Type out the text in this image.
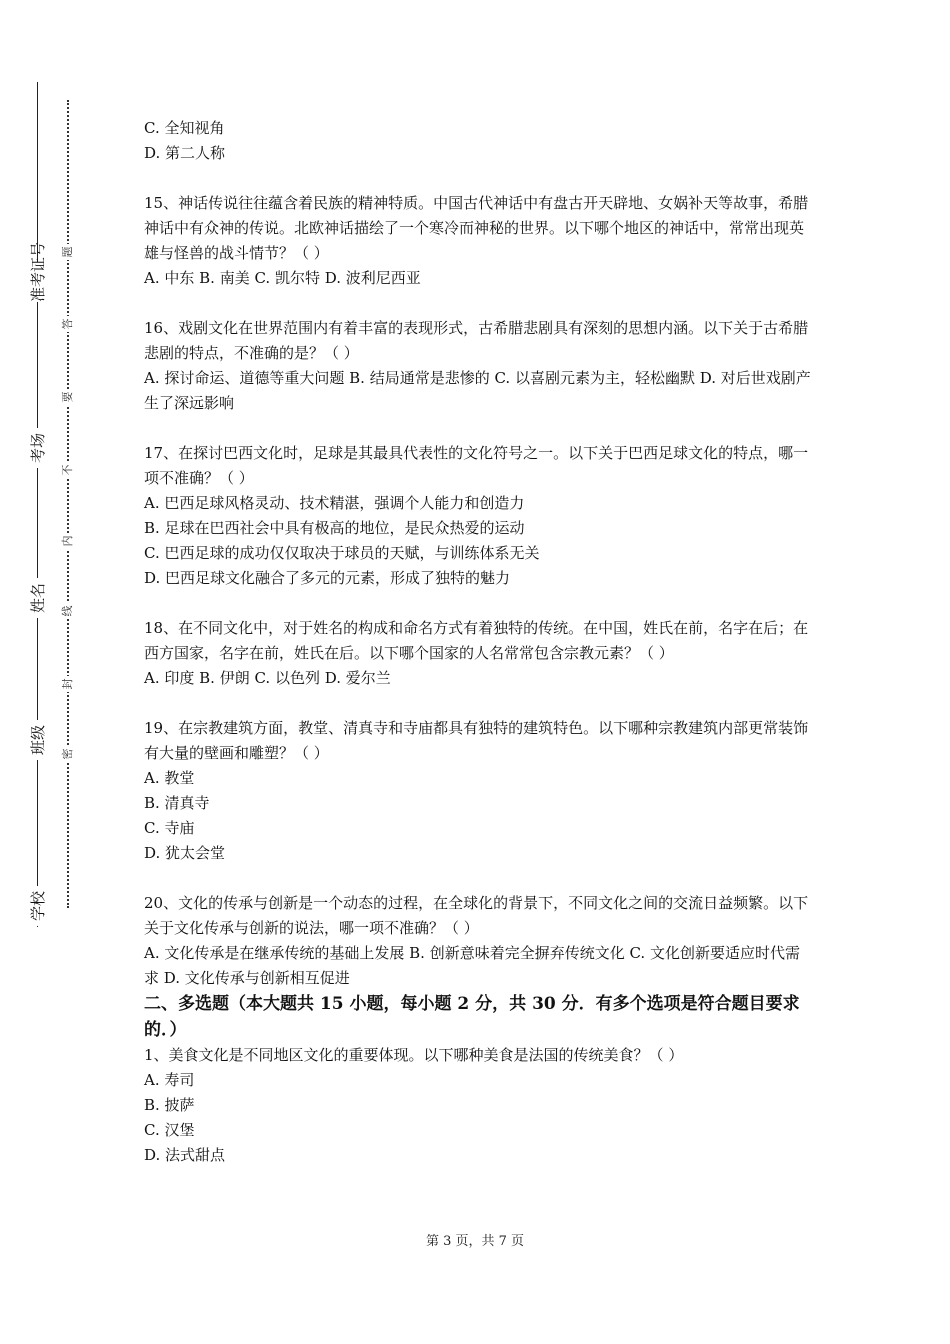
准考证号
考场
姓名
班级
学校
题
答
要
不
内
线
封
密

C. 全知视角

D. 第二人称

15、神话传说往往蕴含着民族的精神特质。中国古代神话中有盘古开天辟地、女娲补天等故事，希腊神话中有众神的传说。北欧神话描绘了一个寒冷而神秘的世界。以下哪个地区的神话中，常常出现英雄与怪兽的战斗情节？（ ）

A. 中东 B. 南美 C. 凯尔特 D. 波利尼西亚

16、戏剧文化在世界范围内有着丰富的表现形式，古希腊悲剧具有深刻的思想内涵。以下关于古希腊悲剧的特点，不准确的是？（ ）

A. 探讨命运、道德等重大问题 B. 结局通常是悲惨的 C. 以喜剧元素为主，轻松幽默 D. 对后世戏剧产生了深远影响

17、在探讨巴西文化时，足球是其最具代表性的文化符号之一。以下关于巴西足球文化的特点，哪一项不准确？（ ）

A. 巴西足球风格灵动、技术精湛，强调个人能力和创造力

B. 足球在巴西社会中具有极高的地位，是民众热爱的运动

C. 巴西足球的成功仅仅取决于球员的天赋，与训练体系无关

D. 巴西足球文化融合了多元的元素，形成了独特的魅力

18、在不同文化中，对于姓名的构成和命名方式有着独特的传统。在中国，姓氏在前，名字在后；在西方国家，名字在前，姓氏在后。以下哪个国家的人名常常包含宗教元素？（ ）

A. 印度 B. 伊朗 C. 以色列 D. 爱尔兰

19、在宗教建筑方面，教堂、清真寺和寺庙都具有独特的建筑特色。以下哪种宗教建筑内部更常装饰有大量的壁画和雕塑？（ ）

A. 教堂

B. 清真寺

C. 寺庙

D. 犹太会堂

20、文化的传承与创新是一个动态的过程，在全球化的背景下，不同文化之间的交流日益频繁。以下关于文化传承与创新的说法，哪一项不准确？（ ）

A. 文化传承是在继承传统的基础上发展 B. 创新意味着完全摒弃传统文化 C. 文化创新要适应时代需求 D. 文化传承与创新相互促进

二、多选题（本大题共 15 小题，每小题 2 分，共 30 分．有多个选项是符合题目要求的．）

1、美食文化是不同地区文化的重要体现。以下哪种美食是法国的传统美食？（ ）

A. 寿司

B. 披萨

C. 汉堡

D. 法式甜点

第 3 页，共 7 页
